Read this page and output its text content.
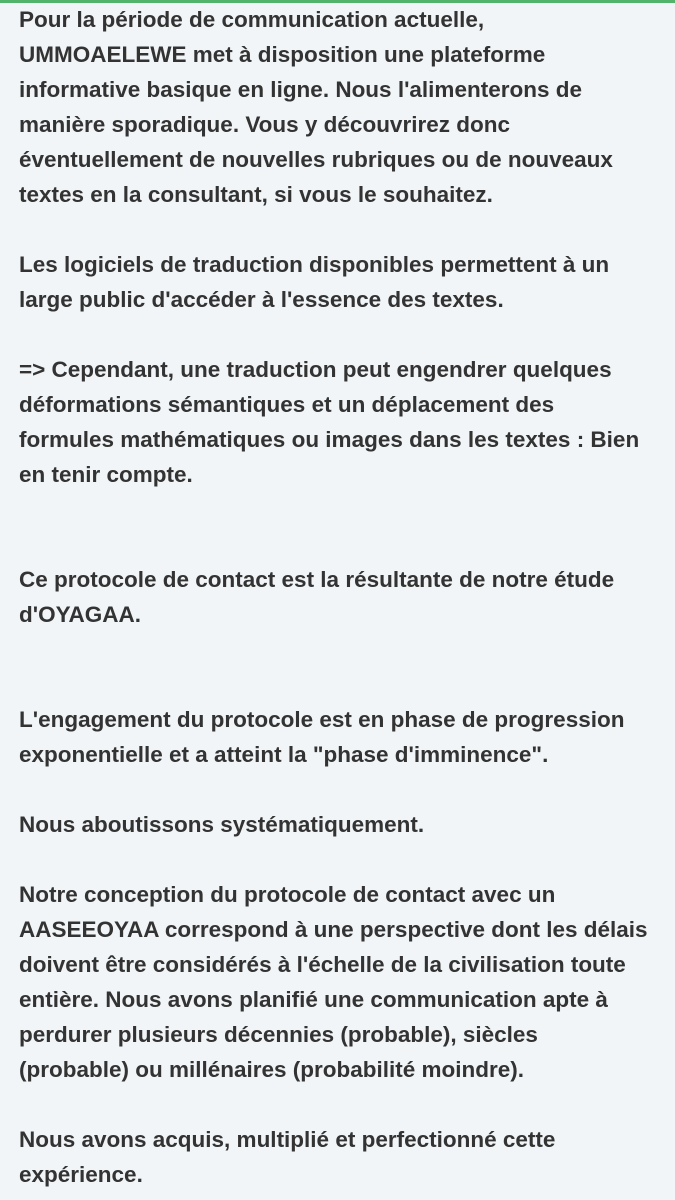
Pour la période de communication actuelle,
UMMOAELEWE met à disposition une plateforme
informative basique en ligne. Nous l'alimenterons de
manière sporadique. Vous y découvrirez donc
éventuellement de nouvelles rubriques ou de nouveaux
textes en la consultant, si vous le souhaitez.
Les logiciels de traduction disponibles permettent à un
large public d'accéder à l'essence des textes.
=> Cependant, une traduction peut engendrer quelques
déformations sémantiques et un déplacement des
formules mathématiques ou images dans les textes : Bien
en tenir compte.
Ce protocole de contact est la résultante de notre étude
d'OYAGAA.
L'engagement du protocole est en phase de progression
exponentielle et a atteint la "phase d'imminence".
Nous aboutissons systématiquement.
Notre conception du protocole de contact avec un
AASEEOYAA correspond à une perspective dont les délais
doivent être considérés à l'échelle de la civilisation toute
entière. Nous avons planifié une communication apte à
perdurer plusieurs décennies (probable), siècles
(probable) ou millénaires (probabilité moindre).
Nous avons acquis, multiplié et perfectionné cette
expérience.
